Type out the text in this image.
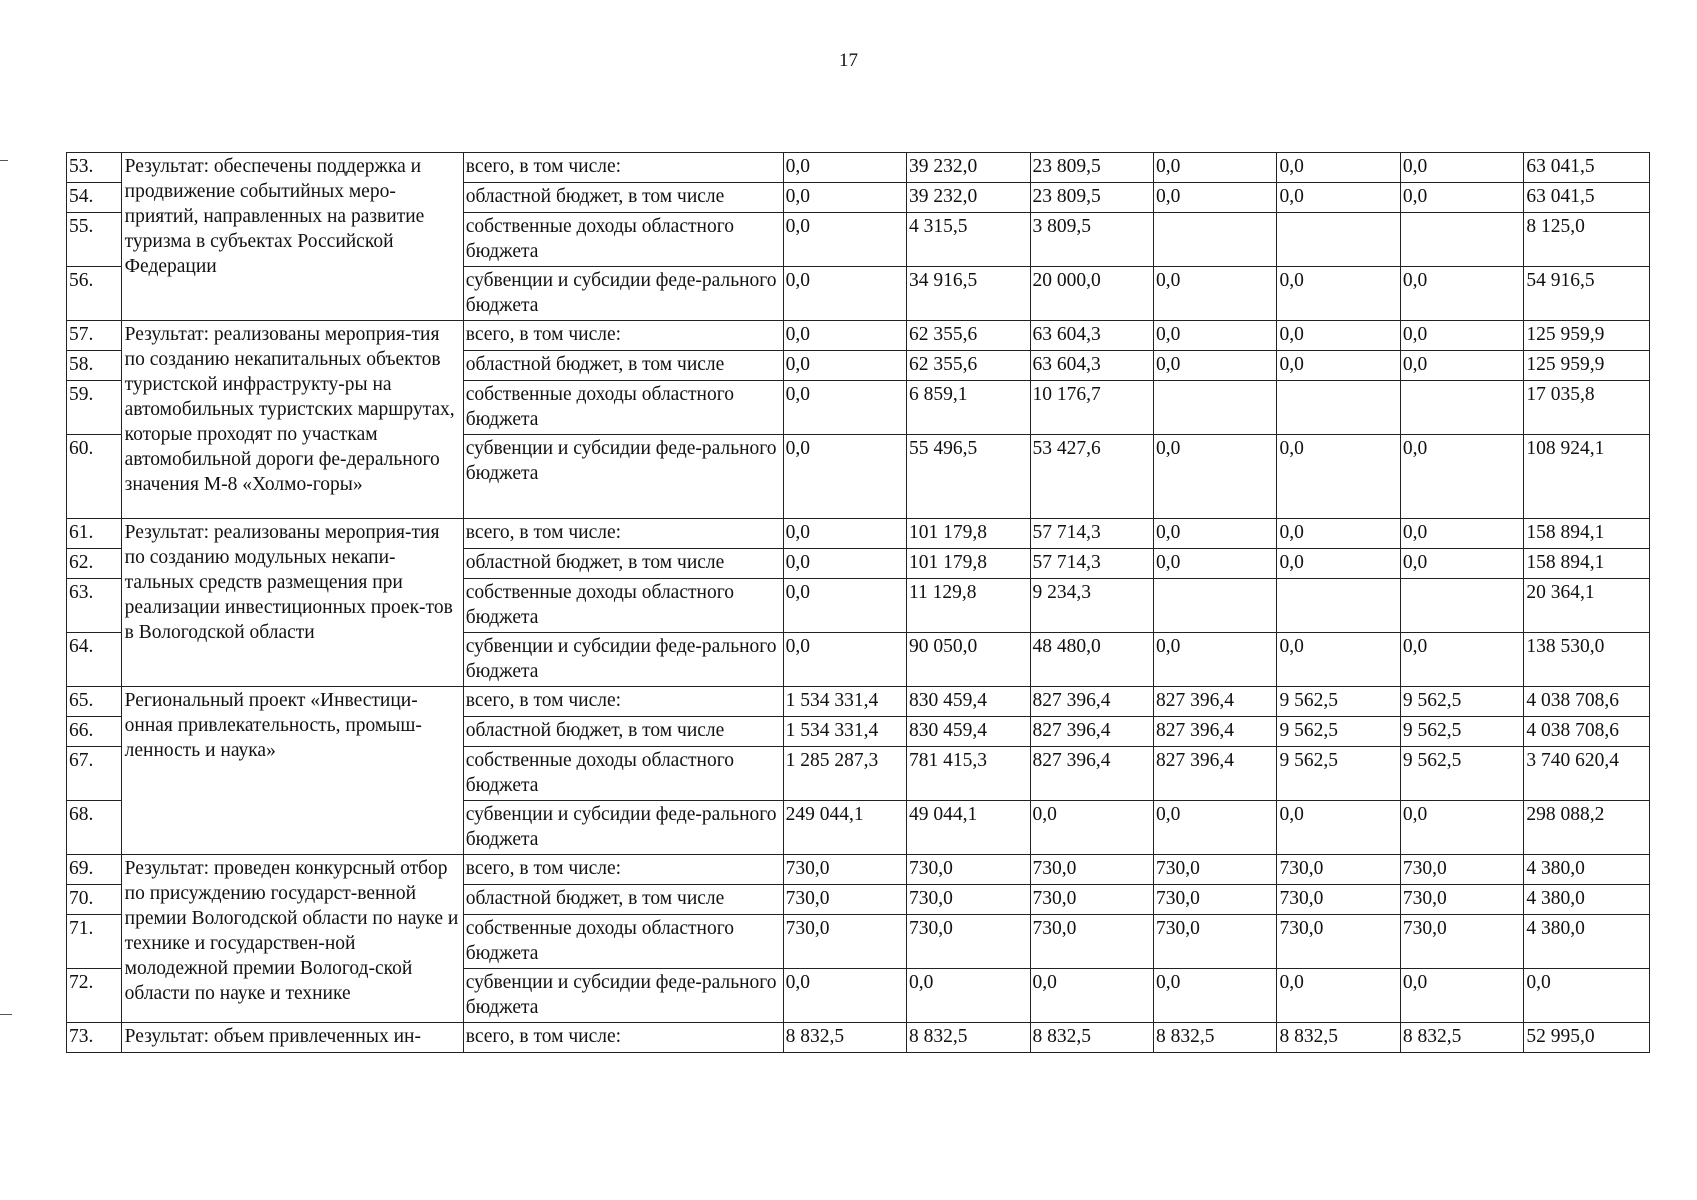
17
53.	Результат: обеспечены поддержка и продвижение событийных меро-приятий, направленных на развитие туризма в субъектах Российской Федерации	всего, в том числе:	0,0	39 232,0	23 809,5	0,0	0,0	0,0	63 041,5
54.		областной бюджет, в том числе	0,0	39 232,0	23 809,5	0,0	0,0	0,0	63 041,5
55.		собственные доходы областного бюджета	0,0	4 315,5	3 809,5				8 125,0
56.		субвенции и субсидии феде-рального бюджета	0,0	34 916,5	20 000,0	0,0	0,0	0,0	54 916,5
57.	Результат: реализованы мероприя-тия по созданию некапитальных объектов туристской инфраструкту-ры на автомобильных туристских маршрутах, которые проходят по участкам автомобильной дороги фе-дерального значения М-8 «Холмо-горы»	всего, в том числе:	0,0	62 355,6	63 604,3	0,0	0,0	0,0	125 959,9
58.		областной бюджет, в том числе	0,0	62 355,6	63 604,3	0,0	0,0	0,0	125 959,9
59.		собственные доходы областного бюджета	0,0	6 859,1	10 176,7				17 035,8
60.		субвенции и субсидии феде-рального бюджета	0,0	55 496,5	53 427,6	0,0	0,0	0,0	108 924,1
61.	Результат: реализованы мероприя-тия по созданию модульных некапи-тальных средств размещения при реализации инвестиционных проек-тов в Вологодской области	всего, в том числе:	0,0	101 179,8	57 714,3	0,0	0,0	0,0	158 894,1
62.		областной бюджет, в том числе	0,0	101 179,8	57 714,3	0,0	0,0	0,0	158 894,1
63.		собственные доходы областного бюджета	0,0	11 129,8	9 234,3				20 364,1
64.		субвенции и субсидии феде-рального бюджета	0,0	90 050,0	48 480,0	0,0	0,0	0,0	138 530,0
65.	Региональный проект «Инвестици-онная привлекательность, промыш-ленность и наука»	всего, в том числе:	1 534 331,4	830 459,4	827 396,4	827 396,4	9 562,5	9 562,5	4 038 708,6
66.		областной бюджет, в том числе	1 534 331,4	830 459,4	827 396,4	827 396,4	9 562,5	9 562,5	4 038 708,6
67.		собственные доходы областного бюджета	1 285 287,3	781 415,3	827 396,4	827 396,4	9 562,5	9 562,5	3 740 620,4
68.		субвенции и субсидии феде-рального бюджета	249 044,1	49 044,1	0,0	0,0	0,0	0,0	298 088,2
69.	Результат: проведен конкурсный отбор по присуждению государст-венной премии Вологодской области по науке и технике и государствен-ной молодежной премии Вологод-ской области по науке и технике	всего, в том числе:	730,0	730,0	730,0	730,0	730,0	730,0	4 380,0
70.		областной бюджет, в том числе	730,0	730,0	730,0	730,0	730,0	730,0	4 380,0
71.		собственные доходы областного бюджета	730,0	730,0	730,0	730,0	730,0	730,0	4 380,0
72.		субвенции и субсидии феде-рального бюджета	0,0	0,0	0,0	0,0	0,0	0,0	0,0
73.	Результат: объем привлеченных ин-	всего, в том числе:	8 832,5	8 832,5	8 832,5	8 832,5	8 832,5	8 832,5	52 995,0
